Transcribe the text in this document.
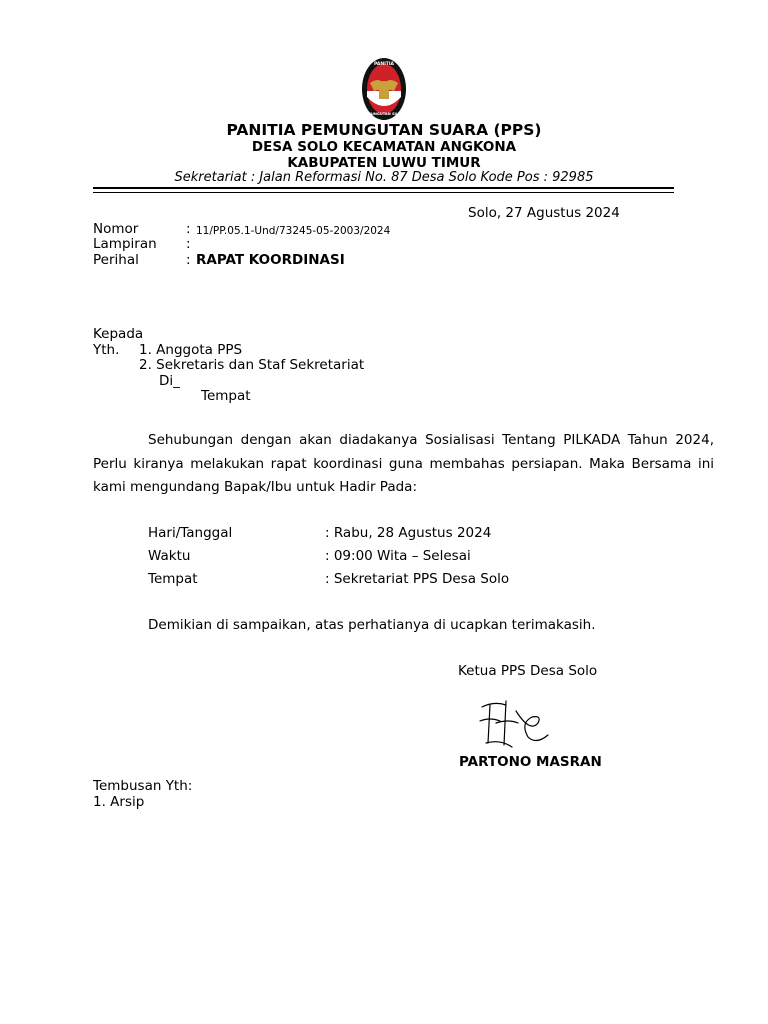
PANITIA
PEMUNGUTAN SUARA
PANITIA PEMUNGUTAN SUARA (PPS)
DESA SOLO KECAMATAN ANGKONA
KABUPATEN LUWU TIMUR
Sekretariat : Jalan Reformasi No. 87 Desa Solo Kode Pos : 92985
Solo, 27 Agustus 2024
Nomor	: 11/PP.05.1-Und/73245-05-2003/2024
Lampiran :
Perihal	: RAPAT KOORDINASI
Kepada
Yth. 1. Anggota PPS
2. Sekretaris dan Staf Sekretariat
Di_
Tempat
Sehubungan dengan akan diadakanya Sosialisasi Tentang PILKADA Tahun 2024, Perlu kiranya melakukan rapat koordinasi guna membahas persiapan. Maka Bersama ini kami mengundang Bapak/Ibu untuk Hadir Pada:
Hari/Tanggal	: Rabu, 28 Agustus 2024
Waktu	: 09:00 Wita – Selesai
Tempat	: Sekretariat PPS Desa Solo
Demikian di sampaikan, atas perhatianya di ucapkan terimakasih.
Ketua PPS Desa Solo
PARTONO MASRAN
Tembusan Yth:
1. Arsip
